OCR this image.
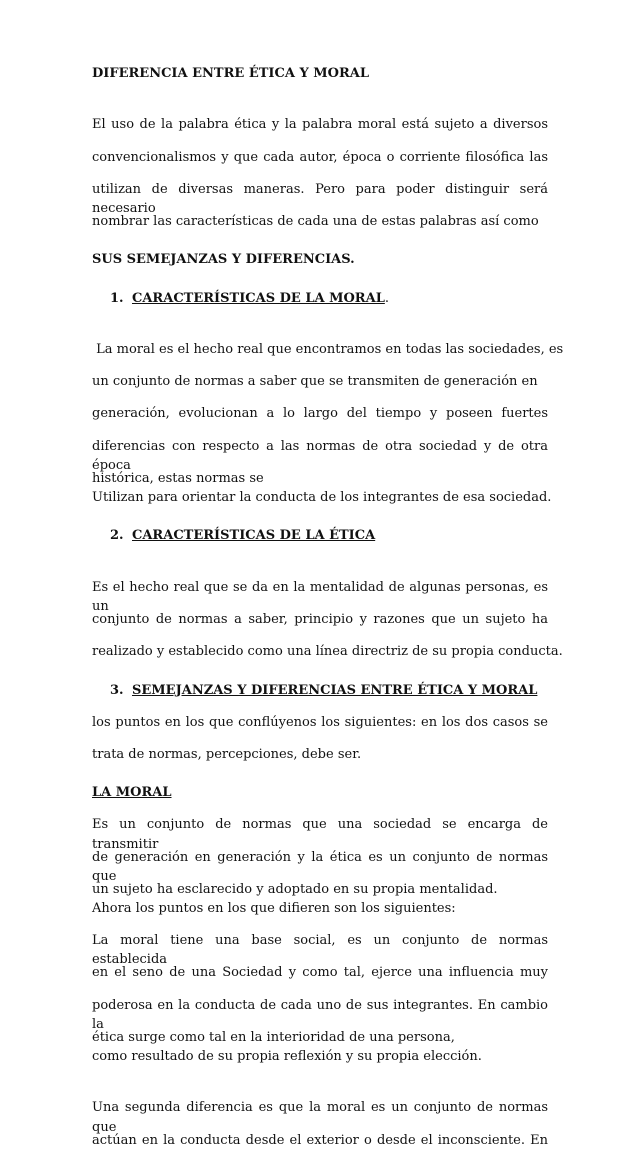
DIFERENCIA ENTRE ÉTICA Y MORAL

El uso de la palabra ética y la palabra moral está sujeto a diversos

convencionalismos y que cada autor, época o corriente filosófica las

utilizan de diversas maneras. Pero para poder distinguir será necesario

nombrar las características de cada una de estas palabras así como

SUS SEMEJANZAS Y DIFERENCIAS.

1. CARACTERÍSTICAS DE LA MORAL.

La moral es el hecho real que encontramos en todas las sociedades, es

un conjunto de normas a saber que se transmiten de generación en

generación, evolucionan a lo largo del tiempo y poseen fuertes

diferencias con respecto a las normas de otra sociedad y de otra época

histórica, estas normas se

Utilizan para orientar la conducta de los integrantes de esa sociedad.

2. CARACTERÍSTICAS DE LA ÉTICA

Es el hecho real que se da en la mentalidad de algunas personas, es un

conjunto de normas a saber, principio y razones que un sujeto ha

realizado y establecido como una línea directriz de su propia conducta.

3. SEMEJANZAS Y DIFERENCIAS ENTRE ÉTICA Y MORAL

los puntos en los que conflúyenos los siguientes: en los dos casos se

trata de normas, percepciones, debe ser.

LA MORAL

Es un conjunto de normas que una sociedad se encarga de transmitir

de generación en generación y la ética es un conjunto de normas que

un sujeto ha esclarecido y adoptado en su propia mentalidad.

Ahora los puntos en los que difieren son los siguientes:

La moral tiene una base social, es un conjunto de normas establecida

en el seno de una Sociedad y como tal, ejerce una influencia muy

poderosa en la conducta de cada uno de sus integrantes. En cambio la

ética surge como tal en la interioridad de una persona,

como resultado de su propia reflexión y su propia elección.

Una segunda diferencia es que la moral es un conjunto de normas que

actúan en la conducta desde el exterior o desde el inconsciente. En
